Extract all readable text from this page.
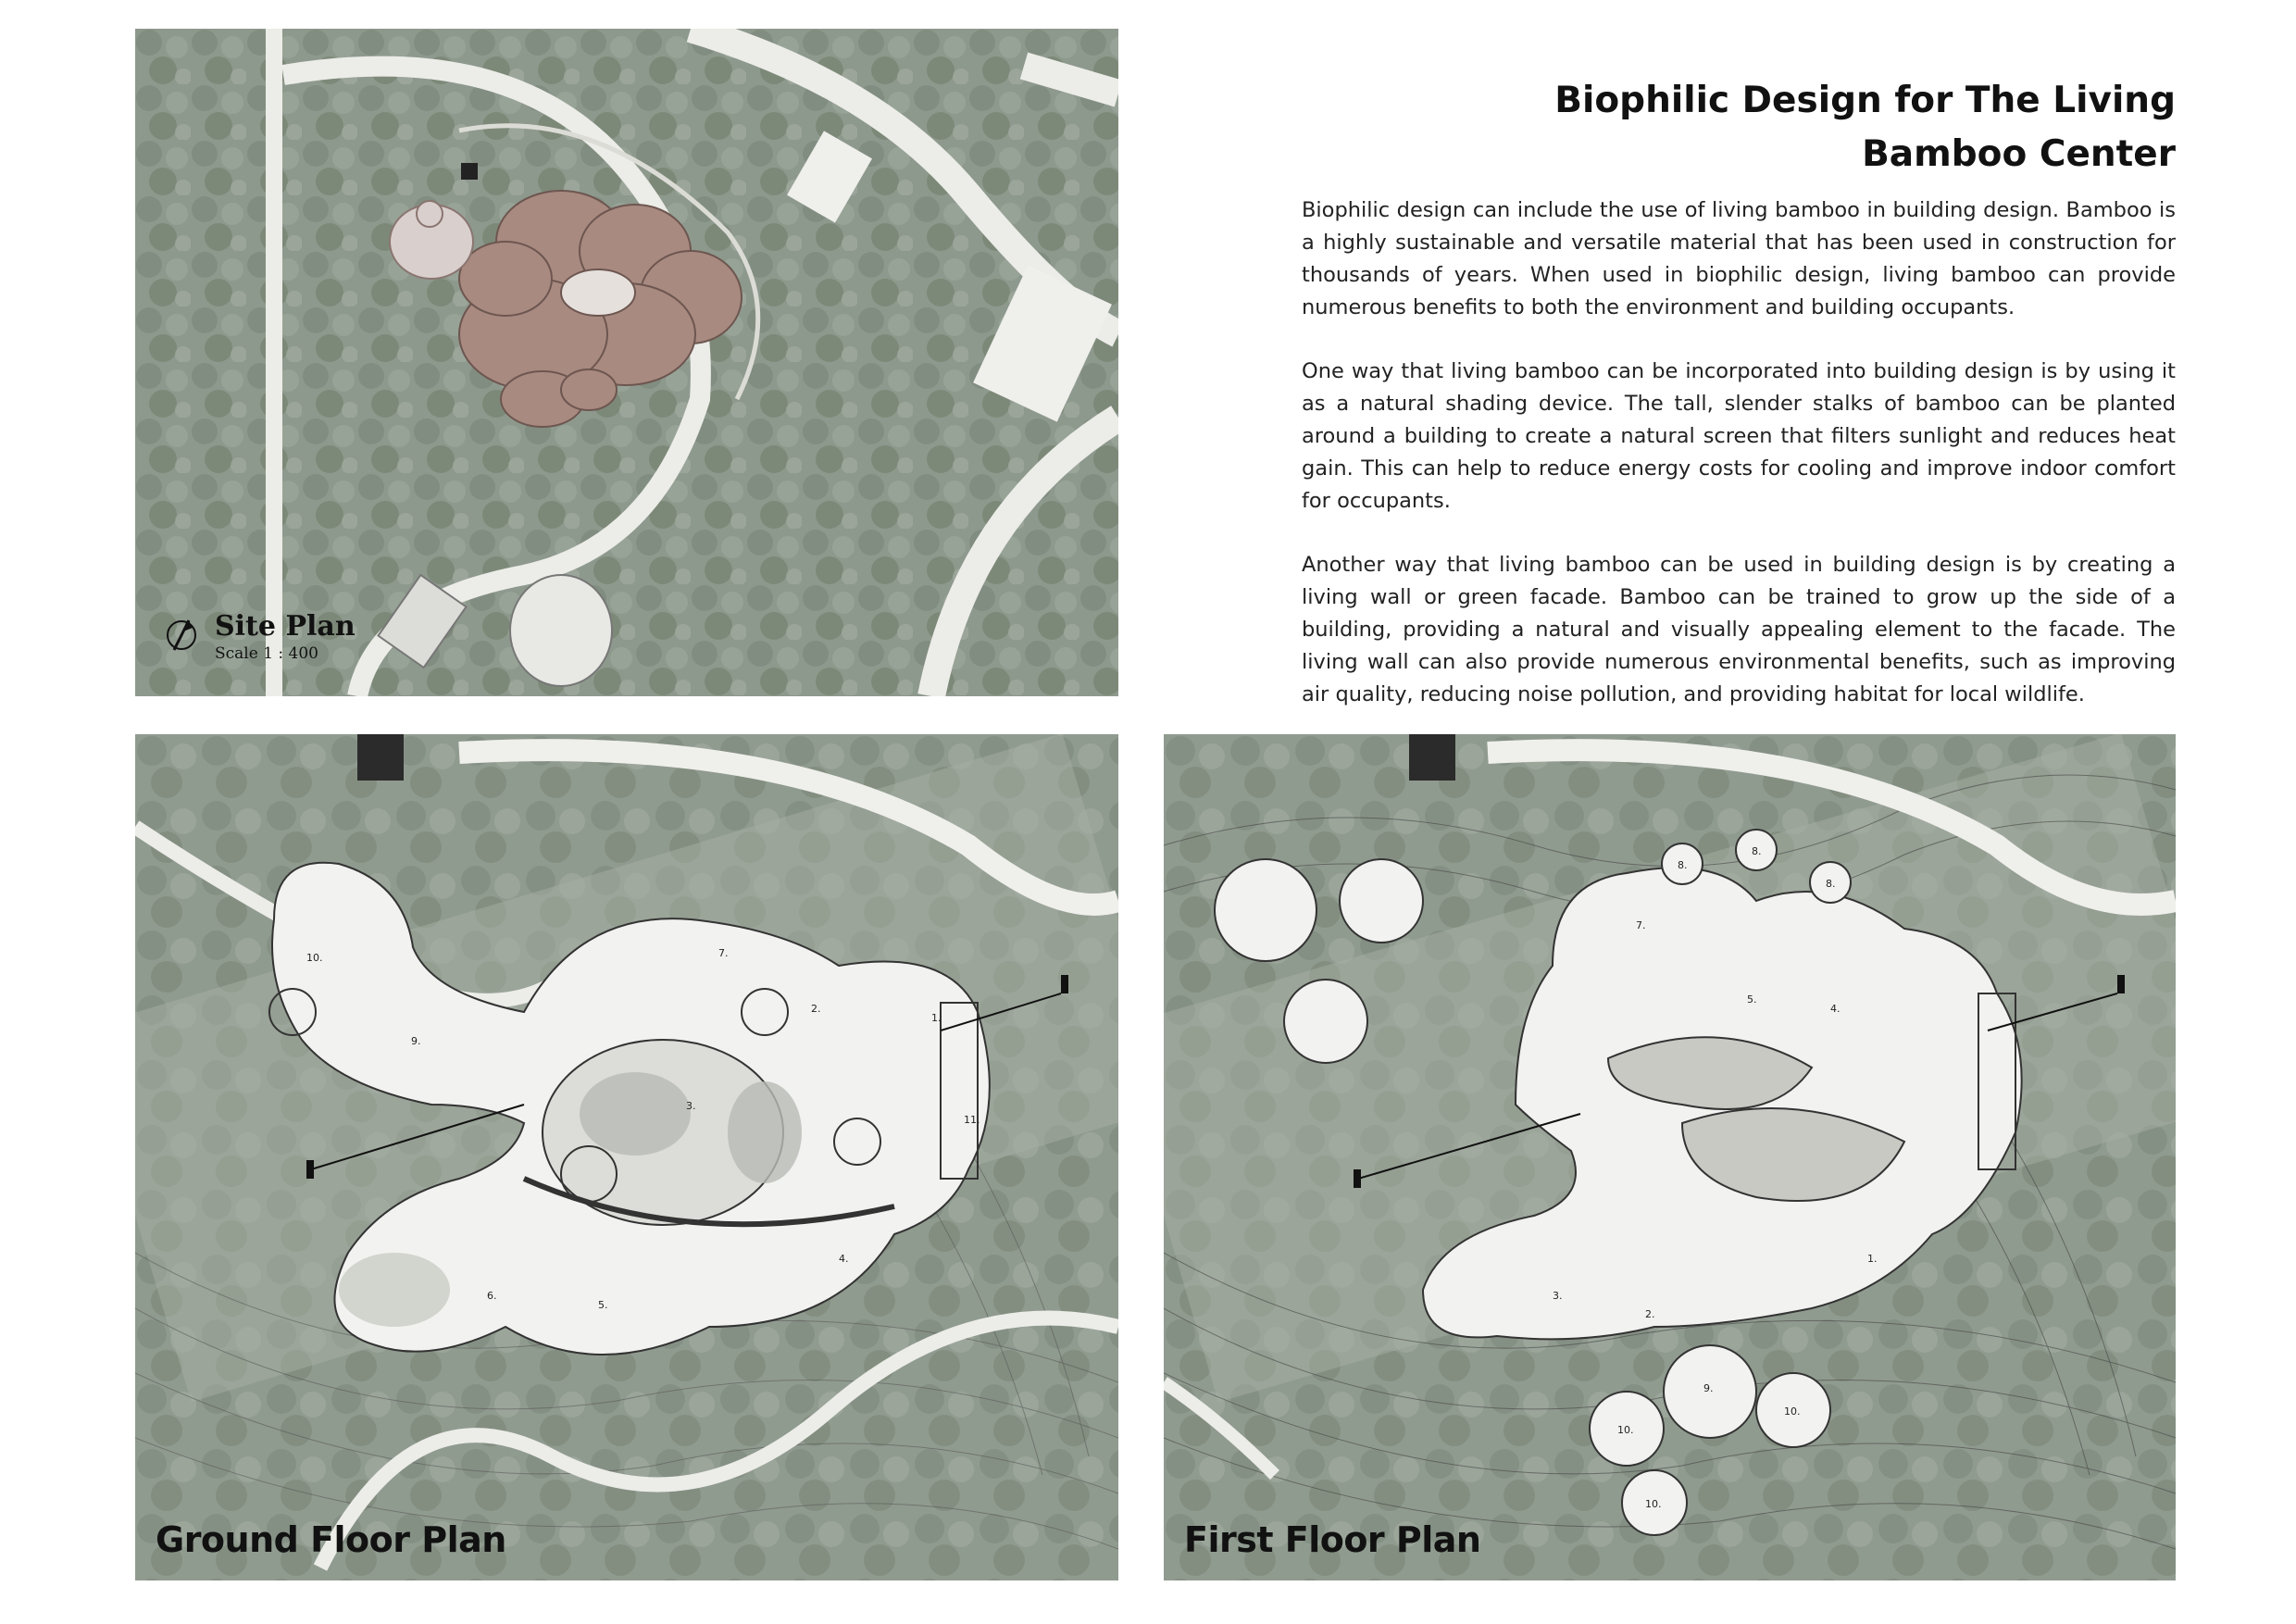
Site Plan
Scale 1 : 400
Biophilic Design for The Living
Bamboo Center

Biophilic design can include the use of living bamboo in building design. Bamboo is a highly sustainable and versatile material that has been used in construction for thousands of years. When used in biophilic design, living bamboo can provide numerous benefits to both the environment and building occupants.

One way that living bamboo can be incorporated into building design is by using it as a natural shading device. The tall, slender stalks of bamboo can be planted around a building to create a natural screen that filters sunlight and reduces heat gain. This can help to reduce energy costs for cooling and improve indoor comfort for occupants.

Another way that living bamboo can be used in building design is by creating a living wall or green facade. Bamboo can be trained to grow up the side of a building, providing a natural and visually appealing element to the facade. The living wall can also provide numerous environmental benefits, such as improving air quality, reducing noise pollution, and providing habitat for local wildlife.

1.
2.
3.
4.
5.
6.
7.
9.
10.
11.
Ground Floor Plan
1.
2.
3.
4.
5.
7.
8.
8.
8.
9.
10.
10.
10.
First Floor Plan
